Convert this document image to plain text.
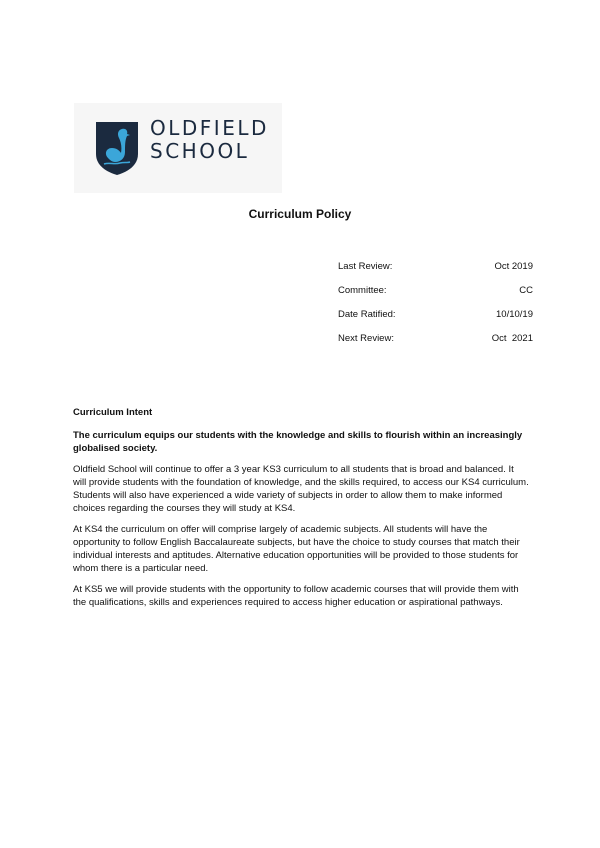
OLDFIELD
SCHOOL
Curriculum Policy
Last Review:	Oct 2019
Committee:	CC
Date Ratified:	10/10/19
Next Review:	Oct  2021

Curriculum Intent

The curriculum equips our students with the knowledge and skills to flourish within an increasingly globalised society.

Oldfield School will continue to offer a 3 year KS3 curriculum to all students that is broad and balanced. It will provide students with the foundation of knowledge, and the skills required, to access our KS4 curriculum. Students will also have experienced a wide variety of subjects in order to allow them to make informed choices regarding the courses they will study at KS4.

At KS4 the curriculum on offer will comprise largely of academic subjects. All students will have the opportunity to follow English Baccalaureate subjects, but have the choice to study courses that match their individual interests and aptitudes. Alternative education opportunities will be provided to those students for whom there is a particular need.

At KS5 we will provide students with the opportunity to follow academic courses that will provide them with the qualifications, skills and experiences required to access higher education or aspirational pathways.
